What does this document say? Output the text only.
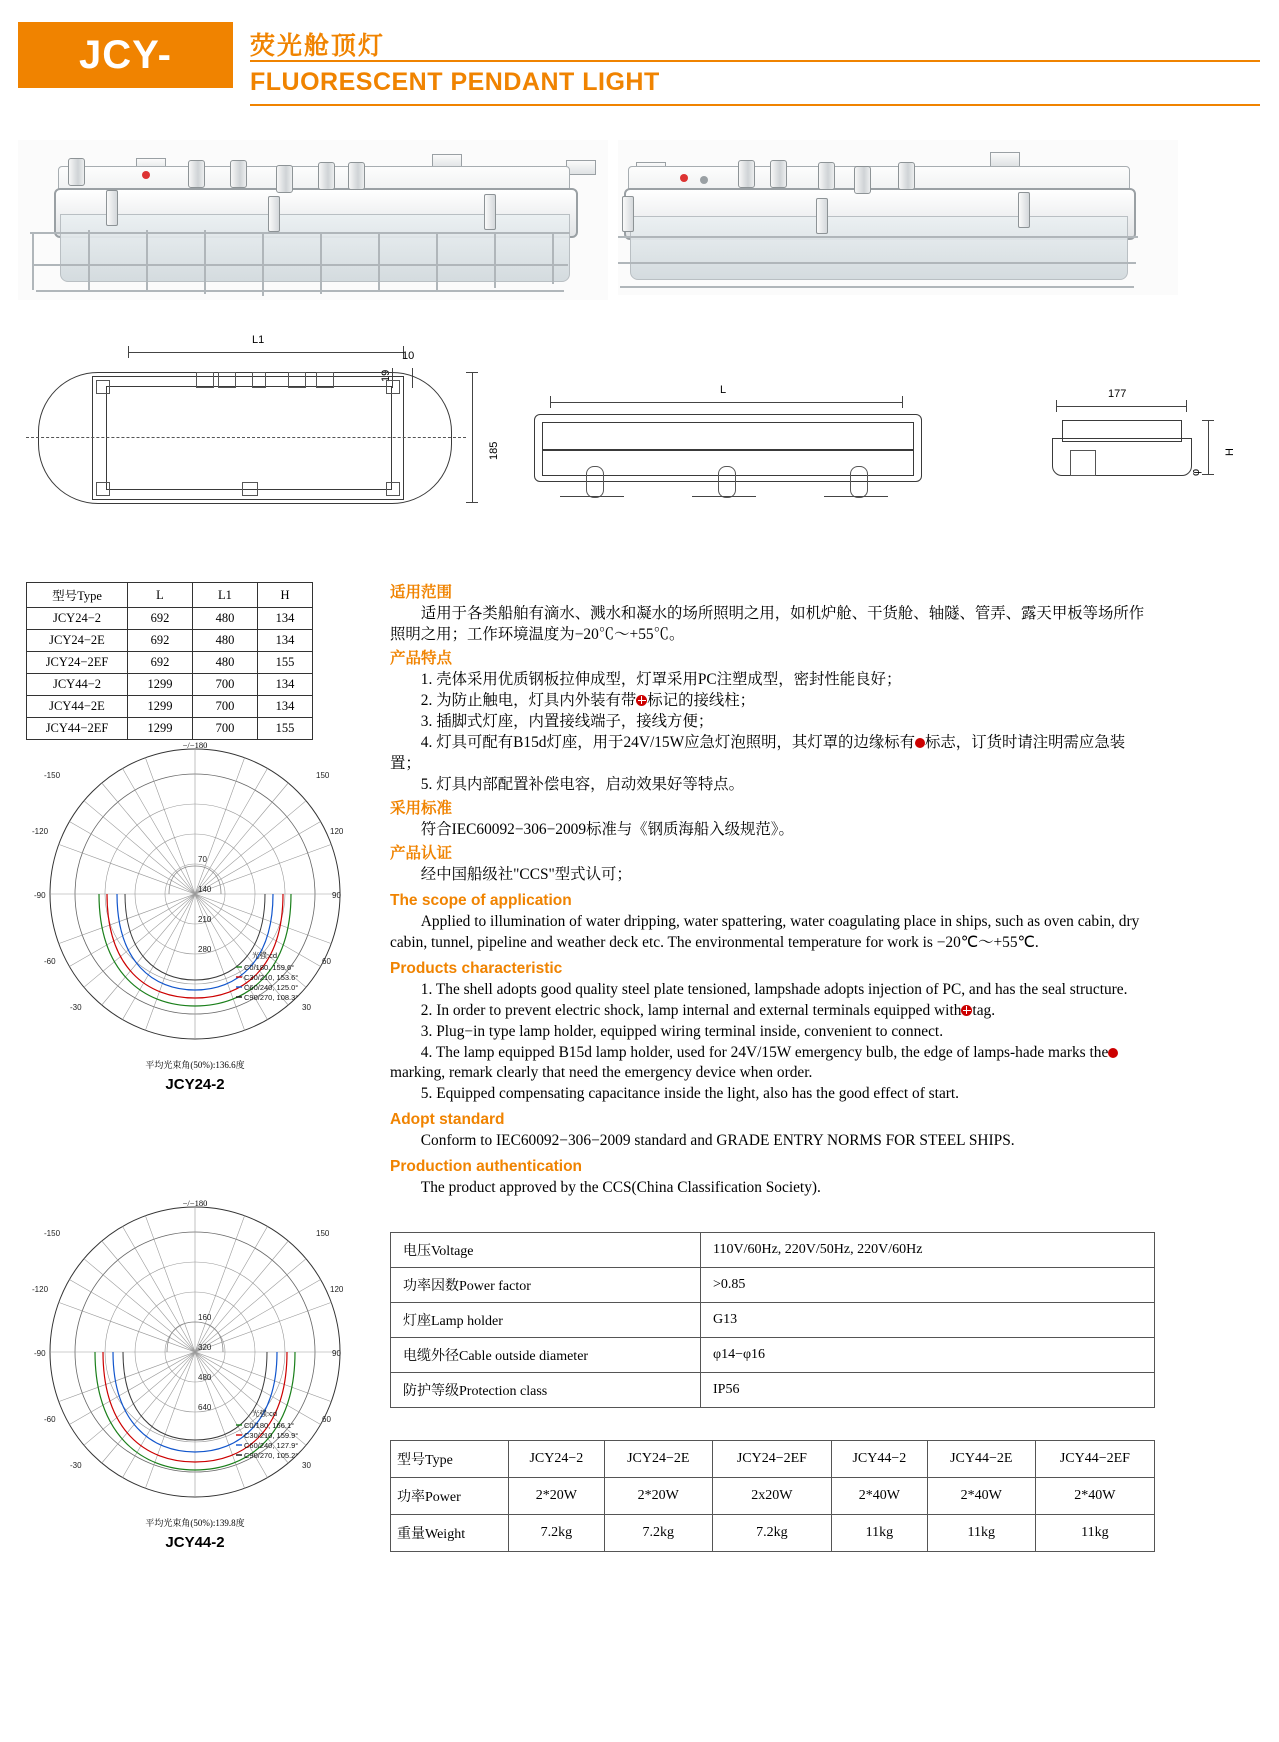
JCY-	荧光舱顶灯
FLUORESCENT PENDANT LIGHT
L1
19
10
185
L	177
H
φ
型号Type	L	L1	H
JCY24−2	692	480	134
JCY24−2E	692	480	134
JCY24−2EF	692	480	155
JCY44−2	1299	700	134
JCY44−2E	1299	700	134
JCY44−2EF	1299	700	155
−/−180
-150	150
-120	120
-90	90
-60	60
-30	30
70
140
210
280
光强:cd
C0/180, 159.6°
C30/210, 153.6°
C60/240, 125.0°
C90/270, 108.3°
平均光束角(50%):136.6度
JCY24-2
−/−180
-150	150
-120	120
-90	90
-60	60
-30	30
160
320
480
640
光强:cd
C0/180, 166.1°
C30/210, 159.9°
C60/240, 127.9°
C90/270, 105.2°
平均光束角(50%):139.8度
JCY44-2
适用范围

适用于各类船舶有滴水、溅水和凝水的场所照明之用，如机炉舱、干货舱、轴隧、管弄、露天甲板等场所作照明之用；工作环境温度为−20℃～+55℃。

产品特点

1. 壳体采用优质钢板拉伸成型，灯罩采用PC注塑成型，密封性能良好；

2. 为防止触电，灯具内外装有带 标记的接线柱；

3. 插脚式灯座，内置接线端子，接线方便；

4. 灯具可配有B15d灯座，用于24V/15W应急灯泡照明，其灯罩的边缘标有 标志，订货时请注明需应急装置；

5. 灯具内部配置补偿电容，启动效果好等特点。

采用标准

符合IEC60092−306−2009标准与《钢质海船入级规范》。

产品认证

经中国船级社"CCS"型式认可；

The scope of application

Applied to illumination of water dripping, water spattering, water coagulating place in ships, such as oven cabin, dry cabin, tunnel, pipeline and weather deck etc. The environmental temperature for work is −20℃～+55℃.

Products characteristic

1. The shell adopts good quality steel plate tensioned, lampshade adopts injection of PC, and has the seal structure.

2. In order to prevent electric shock, lamp internal and external terminals equipped with tag.

3. Plug−in type lamp holder, equipped wiring terminal inside, convenient to connect.

4. The lamp equipped B15d lamp holder, used for 24V/15W emergency bulb, the edge of lamps-hade marks themarking, remark clearly that need the emergency device when order.

5. Equipped compensating capacitance inside the light, also has the good effect of start.

Adopt standard

Conform to IEC60092−306−2009 standard and GRADE ENTRY NORMS FOR STEEL SHIPS.

Production authentication

The product approved by the CCS(China Classification Society).

电压Voltage	110V/60Hz, 220V/50Hz, 220V/60Hz
功率因数Power factor	>0.85
灯座Lamp holder	G13
电缆外径Cable outside diameter	φ14−φ16
防护等级Protection class	IP56
型号Type	JCY24−2	JCY24−2E	JCY24−2EF	JCY44−2	JCY44−2E	JCY44−2EF
功率Power	2*20W	2*20W	2x20W	2*40W	2*40W	2*40W
重量Weight	7.2kg	7.2kg	7.2kg	11kg	11kg	11kg
